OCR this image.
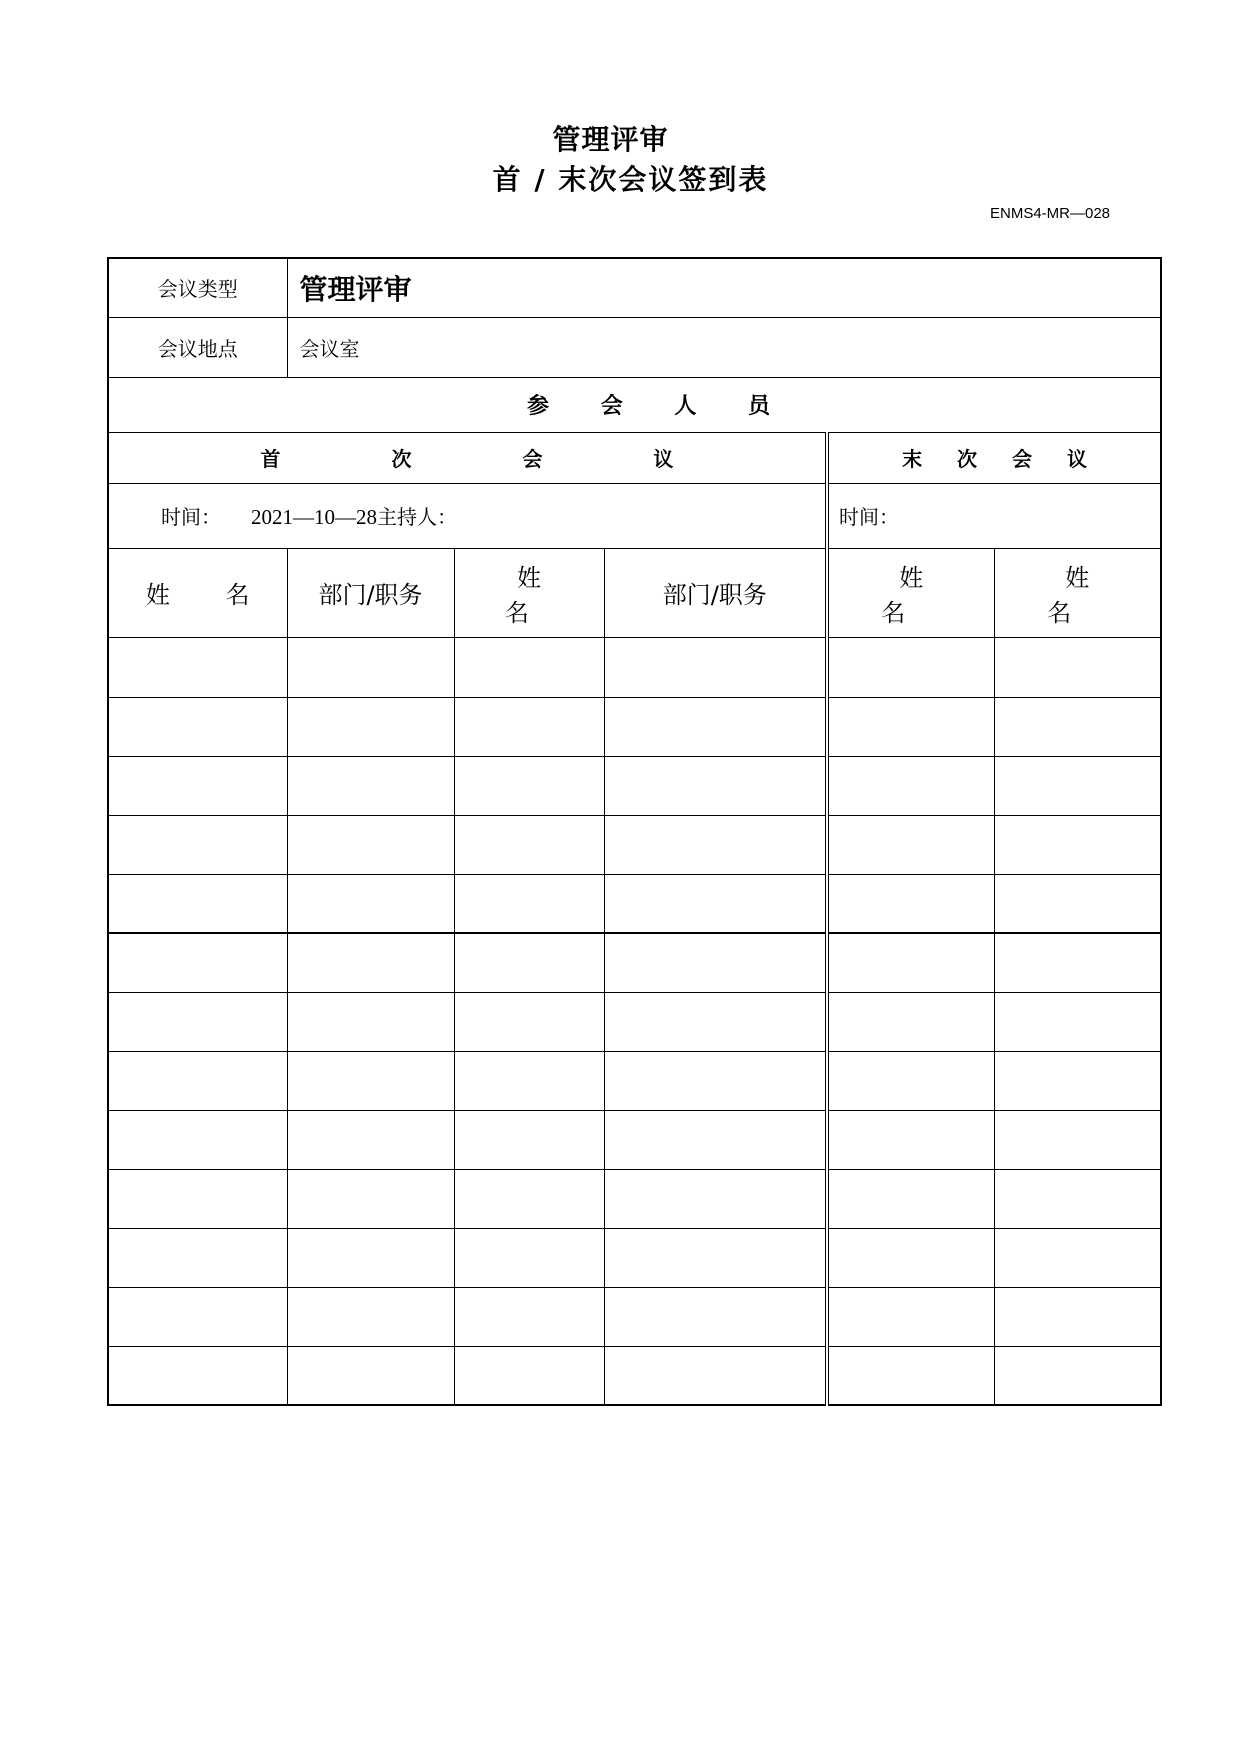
管理评审
首 / 末次会议签到表
ENMS4-MR—028
会议类型	管理评审				
会议地点	会议室				
参 会 人 员					
首 次 会 议				末 次 会 议	
时间： 2021—10—28主持人：				时间：	
姓 名	部门/职务	姓 名	部门/职务	姓 名	姓 名
